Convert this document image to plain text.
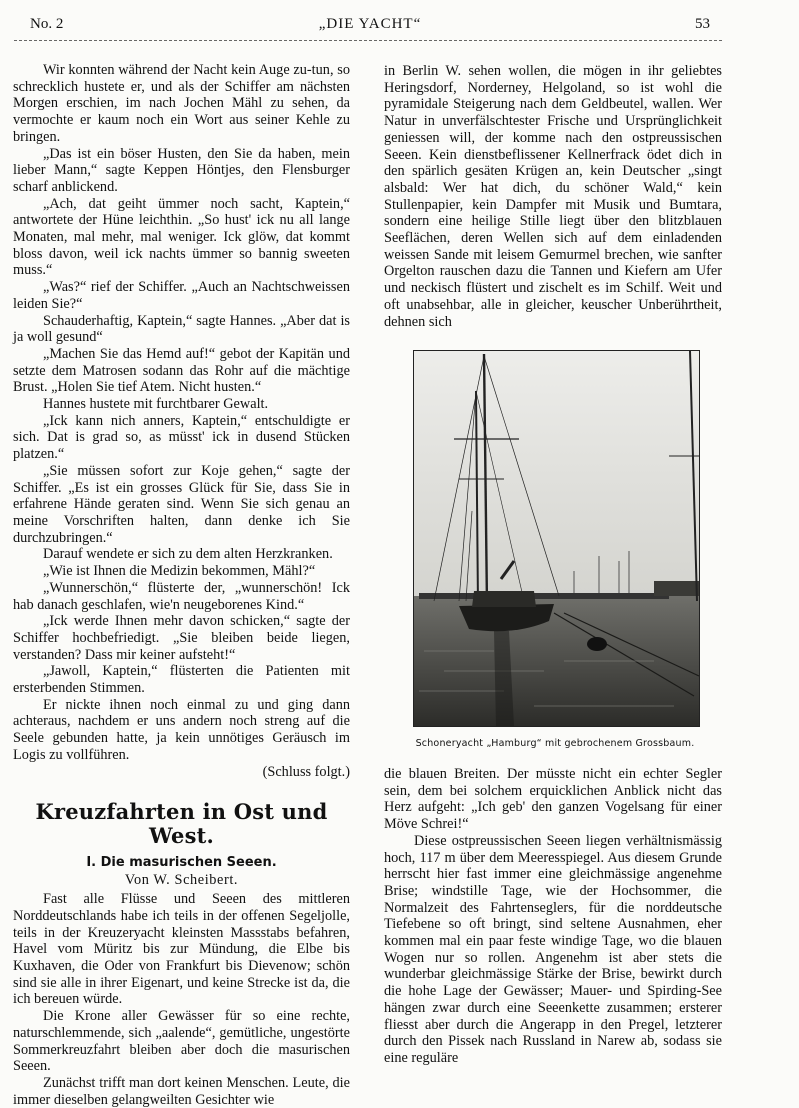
No. 2	„DIE YACHT“	53

Wir konnten während der Nacht kein Auge zu-tun, so schrecklich hustete er, und als der Schiffer am nächsten Morgen erschien, im nach Jochen Mähl zu sehen, da vermochte er kaum noch ein Wort aus seiner Kehle zu bringen.

„Das ist ein böser Husten, den Sie da haben, mein lieber Mann,“ sagte Keppen Höntjes, den Flensburger scharf anblickend.

„Ach, dat geiht ümmer noch sacht, Kaptein,“ antwortete der Hüne leichthin. „So hust' ick nu all lange Monaten, mal mehr, mal weniger. Ick glöw, dat kommt bloss davon, weil ick nachts ümmer so bannig sweeten muss.“

„Was?“ rief der Schiffer. „Auch an Nachtschweissen leiden Sie?“

Schauderhaftig, Kaptein,“ sagte Hannes. „Aber dat is ja woll gesund“

„Machen Sie das Hemd auf!“ gebot der Kapitän und setzte dem Matrosen sodann das Rohr auf die mächtige Brust. „Holen Sie tief Atem. Nicht husten.“

Hannes hustete mit furchtbarer Gewalt.

„Ick kann nich anners, Kaptein,“ entschuldigte er sich. Dat is grad so, as müsst' ick in dusend Stücken platzen.“

„Sie müssen sofort zur Koje gehen,“ sagte der Schiffer. „Es ist ein grosses Glück für Sie, dass Sie in erfahrene Hände geraten sind. Wenn Sie sich genau an meine Vorschriften halten, dann denke ich Sie durchzubringen.“

Darauf wendete er sich zu dem alten Herzkranken.

„Wie ist Ihnen die Medizin bekommen, Mähl?“

„Wunnerschön,“ flüsterte der, „wunnerschön! Ick hab danach geschlafen, wie'n neugeborenes Kind.“

„Ick werde Ihnen mehr davon schicken,“ sagte der Schiffer hochbefriedigt. „Sie bleiben beide liegen, verstanden? Dass mir keiner aufsteht!“

„Jawoll, Kaptein,“ flüsterten die Patienten mit ersterbenden Stimmen.

Er nickte ihnen noch einmal zu und ging dann achteraus, nachdem er uns andern noch streng auf die Seele gebunden hatte, ja kein unnötiges Geräusch im Logis zu vollführen.

(Schluss folgt.)

Kreuzfahrten in Ost und West.
I. Die masurischen Seeen.

Von W. Scheibert.

Fast alle Flüsse und Seeen des mittleren Norddeutschlands habe ich teils in der offenen Segeljolle, teils in der Kreuzeryacht kleinsten Massstabs befahren, Havel vom Müritz bis zur Mündung, die Elbe bis Kuxhaven, die Oder von Frankfurt bis Dievenow; schön sind sie alle in ihrer Eigenart, und keine Strecke ist da, die ich bereuen würde.

Die Krone aller Gewässer für so eine rechte, naturschlemmende, sich „aalende“, gemütliche, ungestörte Sommerkreuzfahrt bleiben aber doch die masurischen Seeen.

Zunächst trifft man dort keinen Menschen. Leute, die immer dieselben gelangweilten Gesichter wie

in Berlin W. sehen wollen, die mögen in ihr geliebtes Heringsdorf, Norderney, Helgoland, so ist wohl die pyramidale Steigerung nach dem Geldbeutel, wallen. Wer Natur in unverfälschtester Frische und Ursprünglichkeit geniessen will, der komme nach den ostpreussischen Seeen. Kein dienstbeflissener Kellnerfrack ödet dich in den spärlich gesäten Krügen an, kein Deutscher „singt alsbald: Wer hat dich, du schöner Wald,“ kein Stullenpapier, kein Dampfer mit Musik und Bumtara, sondern eine heilige Stille liegt über den blitzblauen Seeflächen, deren Wellen sich auf dem einladenden weissen Sande mit leisem Gemurmel brechen, wie sanfter Orgelton rauschen dazu die Tannen und Kiefern am Ufer und neckisch flüstert und zischelt es im Schilf. Weit und oft unabsehbar, alle in gleicher, keuscher Unberührtheit, dehnen sich

Schoneryacht „Hamburg“ mit gebrochenem Grossbaum.

die blauen Breiten. Der müsste nicht ein echter Segler sein, dem bei solchem erquicklichen Anblick nicht das Herz aufgeht: „Ich geb' den ganzen Vogelsang für einer Möve Schrei!“

Diese ostpreussischen Seeen liegen verhältnismässig hoch, 117 m über dem Meeresspiegel. Aus diesem Grunde herrscht hier fast immer eine gleichmässige angenehme Brise; windstille Tage, wie der Hochsommer, die Normalzeit des Fahrtenseglers, für die norddeutsche Tiefebene so oft bringt, sind seltene Ausnahmen, eher kommen mal ein paar feste windige Tage, wo die blauen Wogen nur so rollen. Angenehm ist aber stets die wunderbar gleichmässige Stärke der Brise, bewirkt durch die hohe Lage der Gewässer; Mauer- und Spirding-See hängen zwar durch eine Seeenkette zusammen; ersterer fliesst aber durch die Angerapp in den Pregel, letzterer durch den Pissek nach Russland in Narew ab, sodass sie eine reguläre
